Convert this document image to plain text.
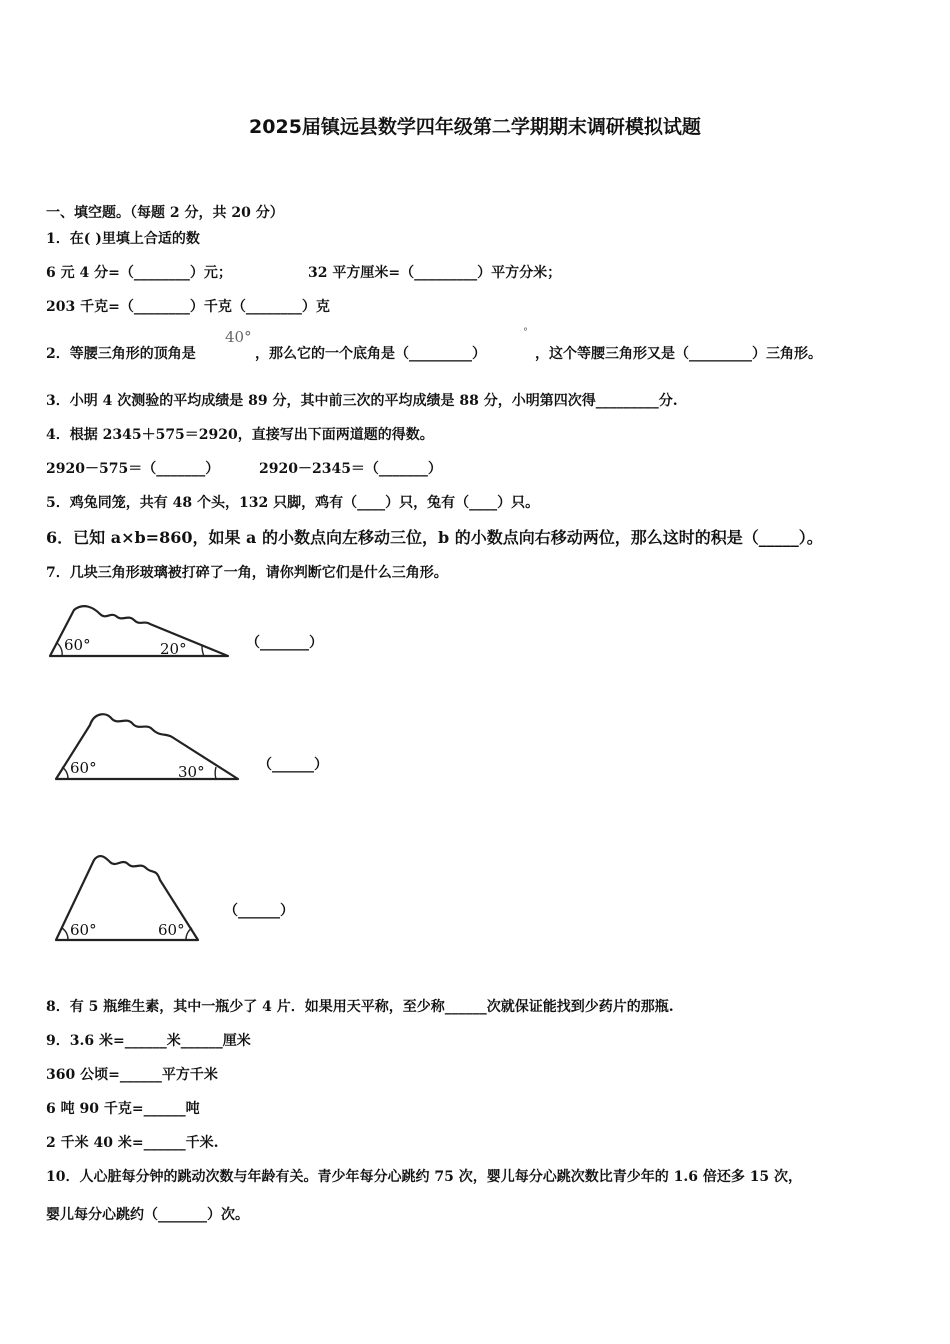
2025届镇远县数学四年级第二学期期末调研模拟试题
一、填空题。（每题 2 分，共 20 分）
1．在( )里填上合适的数
6 元 4 分=（________）元；	32 平方厘米=（_________）平方分米；
203 千克=（________）千克（________）克
2．等腰三角形的顶角是
40°
，那么它的一个底角是（_________）
°
，这个等腰三角形又是（_________）三角形。
3．小明 4 次测验的平均成绩是 89 分，其中前三次的平均成绩是 88 分，小明第四次得_________分.
4．根据 2345＋575＝2920，直接写出下面两道题的得数。
2920－575＝（_______）	2920－2345＝（_______）
5．鸡兔同笼，共有 48 个头，132 只脚，鸡有（____）只，兔有（____）只。
6．已知 a×b=860，如果 a 的小数点向左移动三位，b 的小数点向右移动两位，那么这时的积是（_____）。
7．几块三角形玻璃被打碎了一角，请你判断它们是什么三角形。
60°	20°	（_______）
60°	30°	（______）
60°	60°
（______）
8．有 5 瓶维生素，其中一瓶少了 4 片．如果用天平称，至少称______次就保证能找到少药片的那瓶.
9．3.6 米=______米______厘米
360 公顷=______平方千米
6 吨 90 千克=______吨
2 千米 40 米=______千米.
10．人心脏每分钟的跳动次数与年龄有关。青少年每分心跳约 75 次，婴儿每分心跳次数比青少年的 1.6 倍还多 15 次，
婴儿每分心跳约（_______）次。
